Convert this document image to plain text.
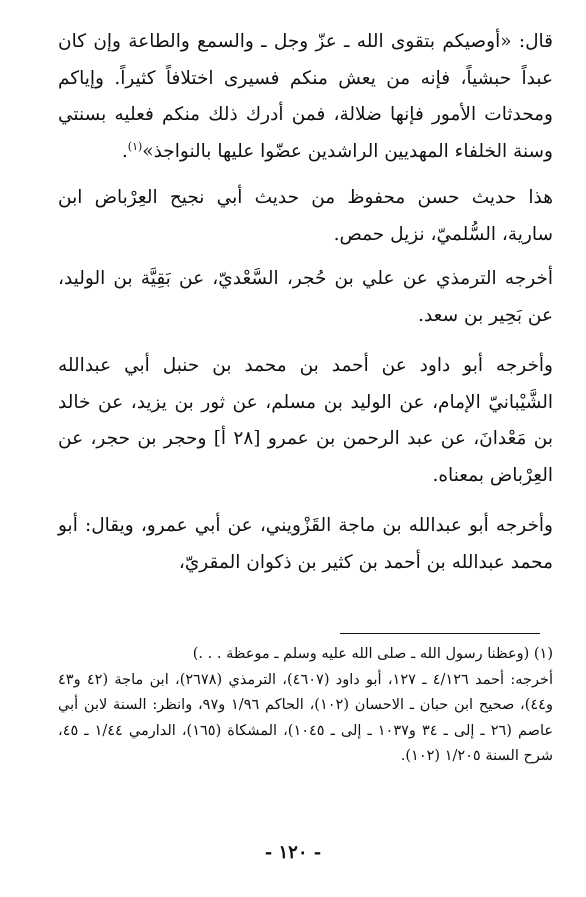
قال: «أوصيكم بتقوى الله ـ عزّ وجل ـ والسمع والطاعة وإن كان عبداً حبشياً، فإنه من يعش منكم فسيرى اختلافاً كثيراً. وإياكم ومحدثات الأمور فإنها ضلالة، فمن أدرك ذلك منكم فعليه بسنتي وسنة الخلفاء المهديين الراشدين عضّوا عليها بالنواجذ»$^{(١)}$.

هذا حديث حسن محفوظ من حديث أبي نجيح العِرْباض ابن سارية، السُّلميّ، نزيل حمص.

أخرجه الترمذي عن علي بن حُجر، السَّعْديّ، عن بَقِيَّة بن الوليد، عن بَحِير بن سعد.

وأخرجه أبو داود عن أحمد بن محمد بن حنبل أبي عبدالله الشَّيْبانيّ الإمام، عن الوليد بن مسلم، عن ثور بن يزيد، عن خالد بن مَعْدانَ، عن عبد الرحمن بن عمرو [٢٨ أ] وحجر بن حجر، عن العِرْباض بمعناه.

وأخرجه أبو عبدالله بن ماجة القَزْويني، عن أبي عمرو، ويقال: أبو محمد عبدالله بن أحمد بن كثير بن ذكوان المقريّ،

(١) (وعظنا رسول الله ـ صلى الله عليه وسلم ـ موعظة . . .)

أخرجه: أحمد ٤/١٢٦ ـ ١٢٧، أبو داود (٤٦٠٧)، الترمذي (٢٦٧٨)، ابن ماجة (٤٢ و٤٣ و٤٤)، صحيح ابن حبان ـ الاحسان (١٠٢)، الحاكم ١/٩٦ و٩٧، وانظر: السنة لابن أبي عاصم (٢٦ ـ إلى ـ ٣٤ و١٠٣٧ ـ إلى ـ ١٠٤٥)، المشكاة (١٦٥)، الدارمي ١/٤٤ ـ ٤٥، شرح السنة ١/٢٠٥ (١٠٢).

- ١٢٠ -
